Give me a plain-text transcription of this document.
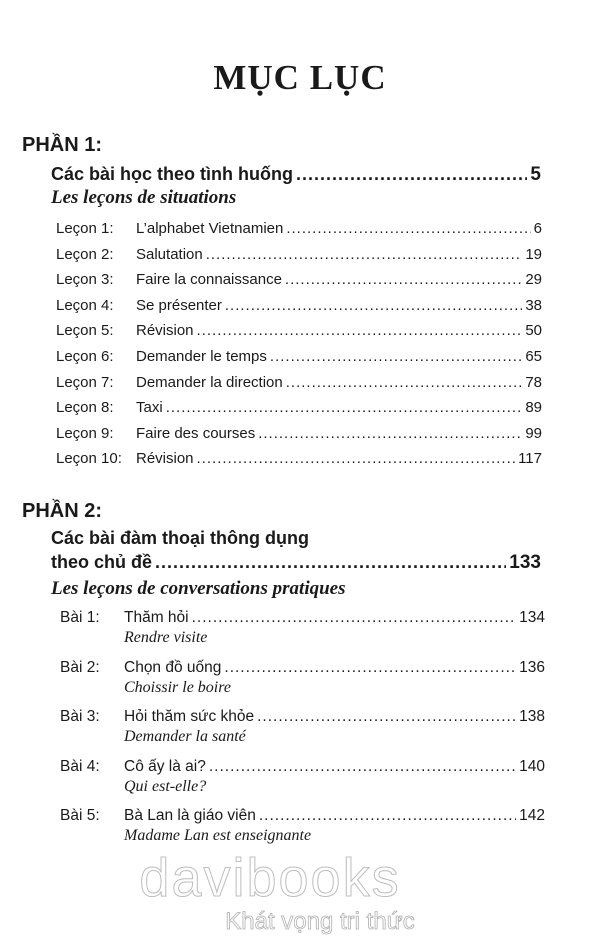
MỤC LỤC
PHẦN 1:
Các bài học theo tình huống .....	5
Les leçons de situations
Leçon 1:	L’alphabet Vietnamien .....	6
Leçon 2:	Salutation .....	19
Leçon 3:	Faire la connaissance .....	29
Leçon 4:	Se présenter .....	38
Leçon 5:	Révision .....	50
Leçon 6:	Demander le temps .....	65
Leçon 7:	Demander la direction .....	78
Leçon 8:	Taxi .....	89
Leçon 9:	Faire des courses .....	99
Leçon 10: Révision .....	117
PHẦN 2:
Các bài đàm thoại thông dụng
theo chủ đề .....	133
Les leçons de conversations pratiques
Bài 1:	Thăm hỏi .....	134
Rendre visite
Bài 2:	Chọn đồ uống .....	136
Choissir le boire
Bài 3:	Hỏi thăm sức khỏe .....	138
Demander la santé
Bài 4:	Cô ấy là ai? .....	140
Qui est-elle?
Bài 5:	Bà Lan là giáo viên .....	142
Madame Lan est enseignante
davibooks
Khát vọng tri thức
